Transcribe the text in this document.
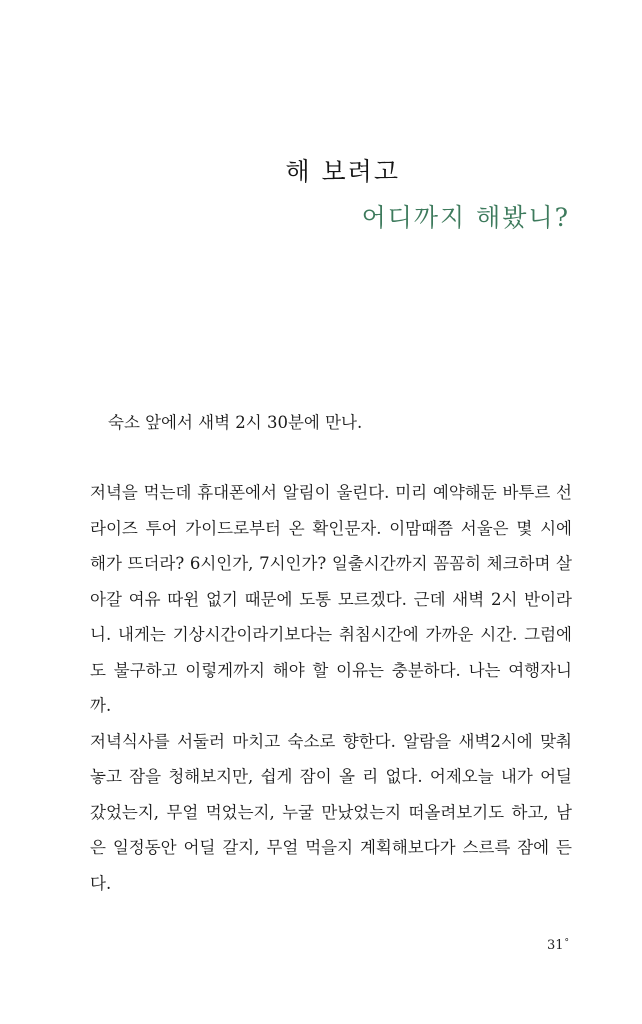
해 보려고
어디까지 해봤니?

숙소 앞에서 새벽 2시 30분에 만나.

저녁을 먹는데 휴대폰에서 알림이 울린다. 미리 예약해둔 바투르 선라이즈 투어 가이드로부터 온 확인문자. 이맘때쯤 서울은 몇 시에 해가 뜨더라? 6시인가, 7시인가? 일출시간까지 꼼꼼히 체크하며 살아갈 여유 따윈 없기 때문에 도통 모르겠다. 근데 새벽 2시 반이라니. 내게는 기상시간이라기보다는 취침시간에 가까운 시간. 그럼에도 불구하고 이렇게까지 해야 할 이유는 충분하다. 나는 여행자니까.

저녁식사를 서둘러 마치고 숙소로 향한다. 알람을 새벽2시에 맞춰놓고 잠을 청해보지만, 쉽게 잠이 올 리 없다. 어제오늘 내가 어딜 갔었는지, 무얼 먹었는지, 누굴 만났었는지 떠올려보기도 하고, 남은 일정동안 어딜 갈지, 무얼 먹을지 계획해보다가 스르륵 잠에 든다.

31°
